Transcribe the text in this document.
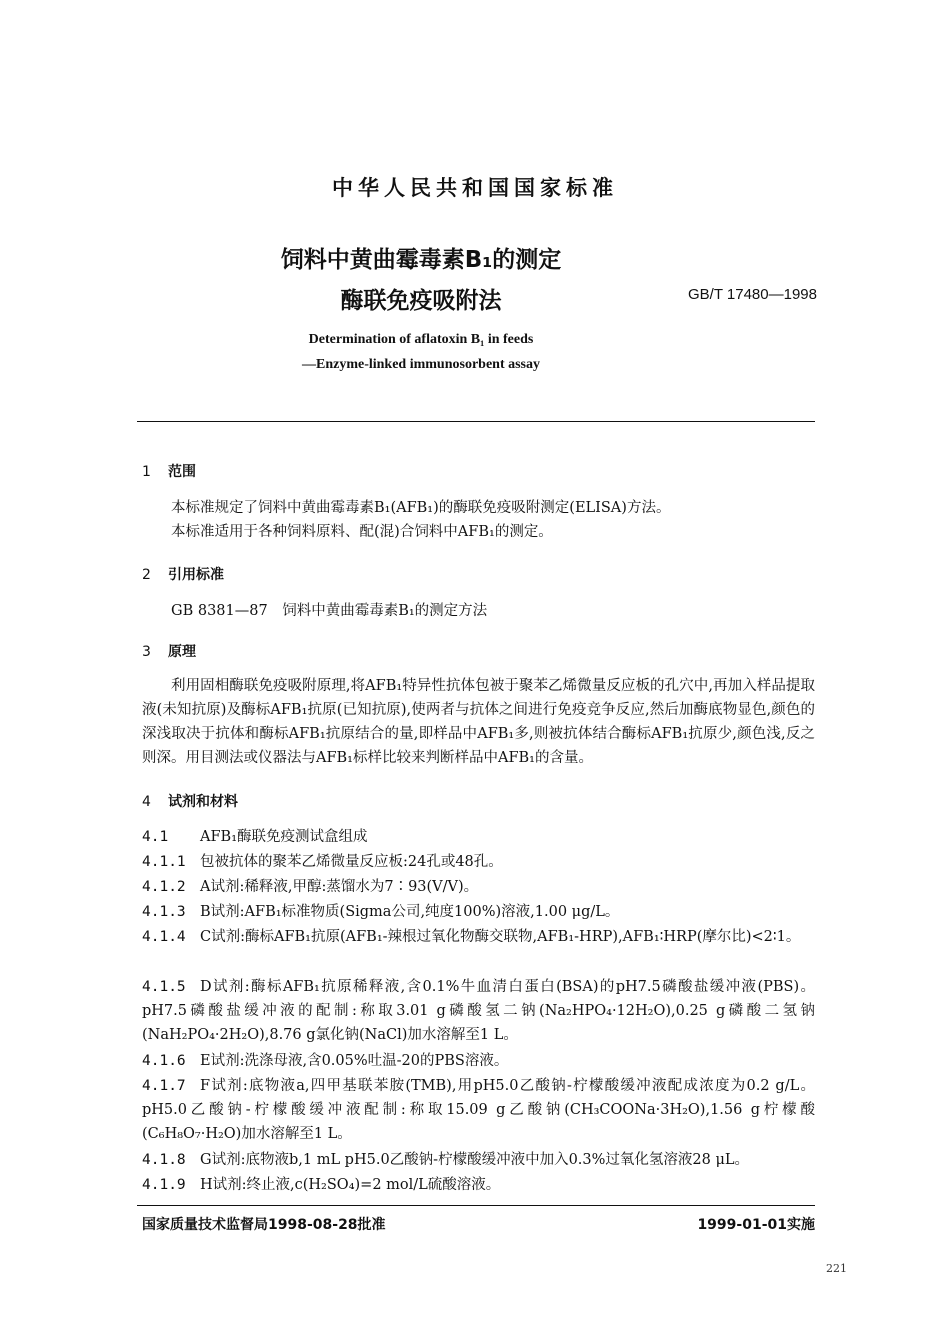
中华人民共和国国家标准
饲料中黄曲霉毒素B₁的测定
酶联免疫吸附法	GB/T 17480—1998
Determination of aflatoxin B₁ in feeds
—Enzyme-linked immunosorbent assay
1 范围
本标准规定了饲料中黄曲霉毒素B₁(AFB₁)的酶联免疫吸附测定(ELISA)方法。
本标准适用于各种饲料原料、配(混)合饲料中AFB₁的测定。
2 引用标准
GB 8381—87　饲料中黄曲霉毒素B₁的测定方法
3 原理
利用固相酶联免疫吸附原理,将AFB₁特异性抗体包被于聚苯乙烯微量反应板的孔穴中,再加入样品提取液(未知抗原)及酶标AFB₁抗原(已知抗原),使两者与抗体之间进行免疫竞争反应,然后加酶底物显色,颜色的深浅取决于抗体和酶标AFB₁抗原结合的量,即样品中AFB₁多,则被抗体结合酶标AFB₁抗原少,颜色浅,反之则深。用目测法或仪器法与AFB₁标样比较来判断样品中AFB₁的含量。
4 试剂和材料
4.1 AFB₁酶联免疫测试盒组成
4.1.1 包被抗体的聚苯乙烯微量反应板:24孔或48孔。
4.1.2 A试剂:稀释液,甲醇:蒸馏水为7∶93(V/V)。
4.1.3 B试剂:AFB₁标准物质(Sigma公司,纯度100%)溶液,1.00 μg/L。
4.1.4 C试剂:酶标AFB₁抗原(AFB₁-辣根过氧化物酶交联物,AFB₁-HRP),AFB₁∶HRP(摩尔比)<2∶1。
4.1.5 D试剂:酶标AFB₁抗原稀释液,含0.1%牛血清白蛋白(BSA)的pH7.5磷酸盐缓冲液(PBS)。pH7.5磷酸盐缓冲液的配制:称取3.01 g磷酸氢二钠(Na₂HPO₄·12H₂O),0.25 g磷酸二氢钠(NaH₂PO₄·2H₂O),8.76 g氯化钠(NaCl)加水溶解至1 L。
4.1.6 E试剂:洗涤母液,含0.05%吐温-20的PBS溶液。
4.1.7 F试剂:底物液a,四甲基联苯胺(TMB),用pH5.0乙酸钠-柠檬酸缓冲液配成浓度为0.2 g/L。pH5.0乙酸钠-柠檬酸缓冲液配制:称取15.09 g乙酸钠(CH₃COONa·3H₂O),1.56 g柠檬酸(C₆H₈O₇·H₂O)加水溶解至1 L。
4.1.8 G试剂:底物液b,1 mL pH5.0乙酸钠-柠檬酸缓冲液中加入0.3%过氧化氢溶液28 μL。
4.1.9 H试剂:终止液,c(H₂SO₄)=2 mol/L硫酸溶液。
国家质量技术监督局1998-08-28批准	1999-01-01实施
221
